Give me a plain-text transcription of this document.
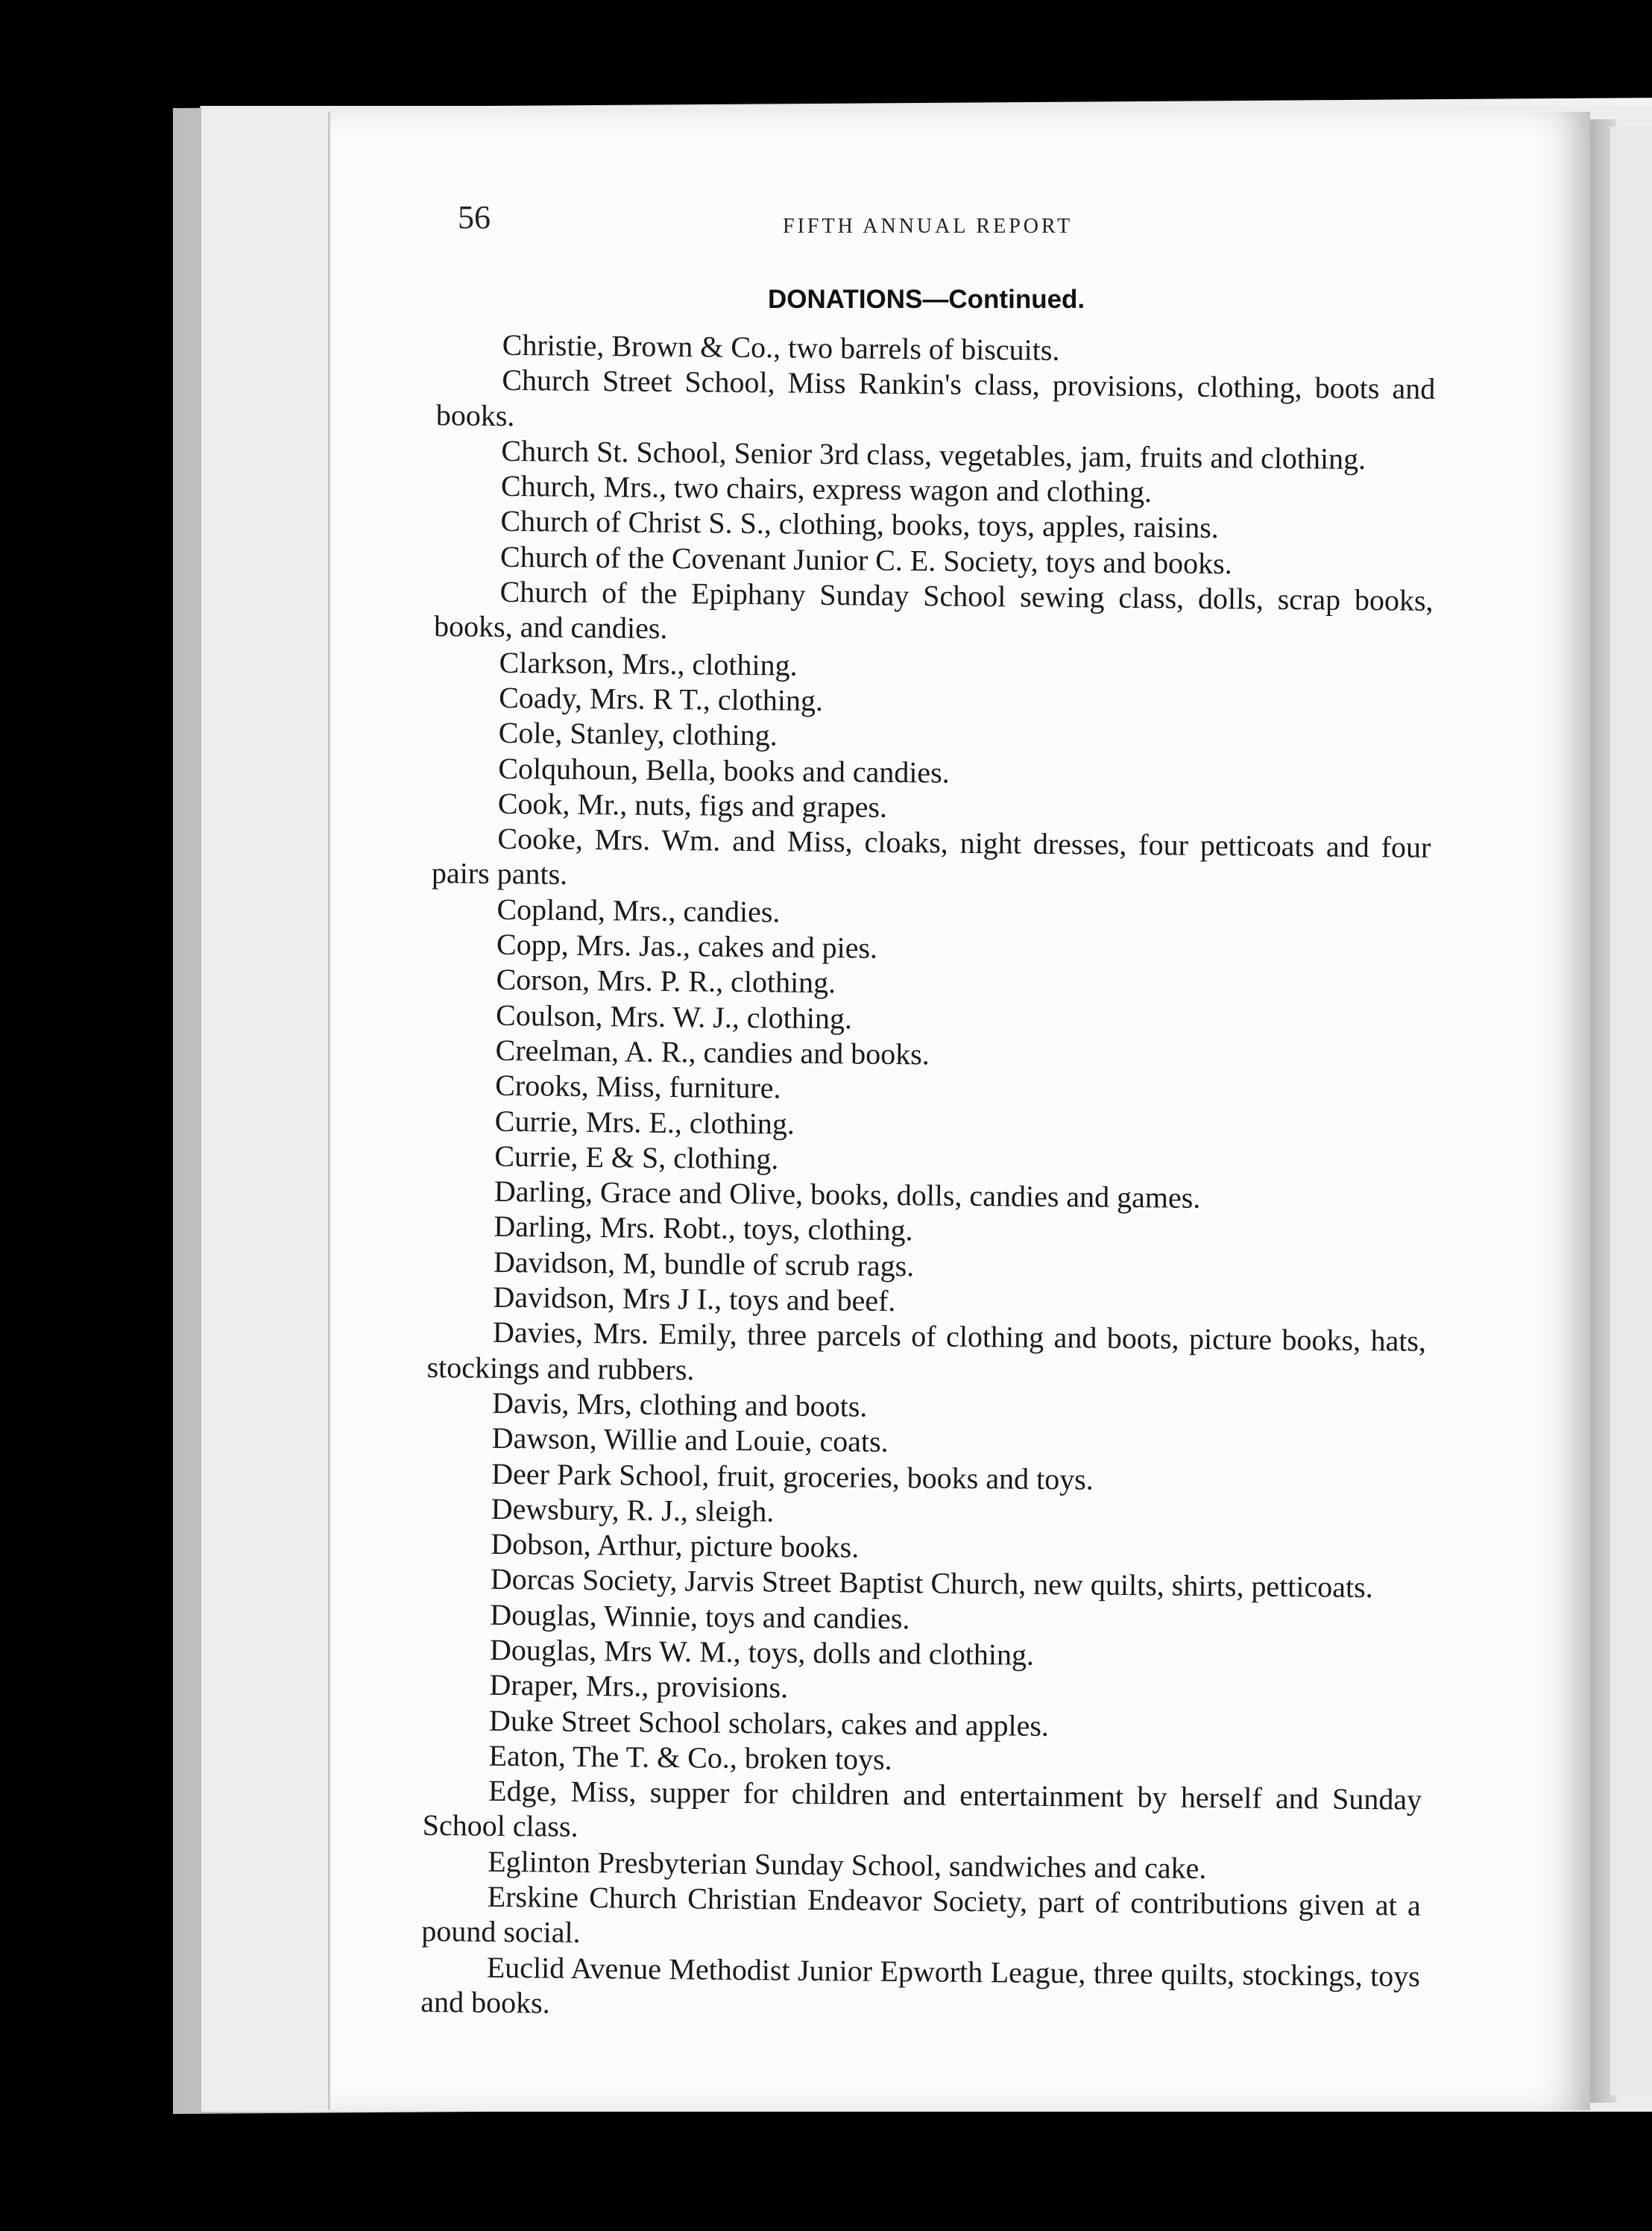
56	FIFTH ANNUAL REPORT
DONATIONS—Continued.
Christie, Brown & Co., two barrels of biscuits.
Church Street School, Miss Rankin's class, provisions, clothing, boots and books.
Church St. School, Senior 3rd class, vegetables, jam, fruits and clothing.
Church, Mrs., two chairs, express wagon and clothing.
Church of Christ S. S., clothing, books, toys, apples, raisins.
Church of the Covenant Junior C. E. Society, toys and books.
Church of the Epiphany Sunday School sewing class, dolls, scrap books, books, and candies.
Clarkson, Mrs., clothing.
Coady, Mrs. R T., clothing.
Cole, Stanley, clothing.
Colquhoun, Bella, books and candies.
Cook, Mr., nuts, figs and grapes.
Cooke, Mrs. Wm. and Miss, cloaks, night dresses, four petticoats and four pairs pants.
Copland, Mrs., candies.
Copp, Mrs. Jas., cakes and pies.
Corson, Mrs. P. R., clothing.
Coulson, Mrs. W. J., clothing.
Creelman, A. R., candies and books.
Crooks, Miss, furniture.
Currie, Mrs. E., clothing.
Currie, E & S, clothing.
Darling, Grace and Olive, books, dolls, candies and games.
Darling, Mrs. Robt., toys, clothing.
Davidson, M, bundle of scrub rags.
Davidson, Mrs J I., toys and beef.
Davies, Mrs. Emily, three parcels of clothing and boots, picture books, hats, stockings and rubbers.
Davis, Mrs, clothing and boots.
Dawson, Willie and Louie, coats.
Deer Park School, fruit, groceries, books and toys.
Dewsbury, R. J., sleigh.
Dobson, Arthur, picture books.
Dorcas Society, Jarvis Street Baptist Church, new quilts, shirts, petticoats.
Douglas, Winnie, toys and candies.
Douglas, Mrs W. M., toys, dolls and clothing.
Draper, Mrs., provisions.
Duke Street School scholars, cakes and apples.
Eaton, The T. & Co., broken toys.
Edge, Miss, supper for children and entertainment by herself and Sunday School class.
Eglinton Presbyterian Sunday School, sandwiches and cake.
Erskine Church Christian Endeavor Society, part of contributions given at a pound social.
Euclid Avenue Methodist Junior Epworth League, three quilts, stockings, toys and books.
